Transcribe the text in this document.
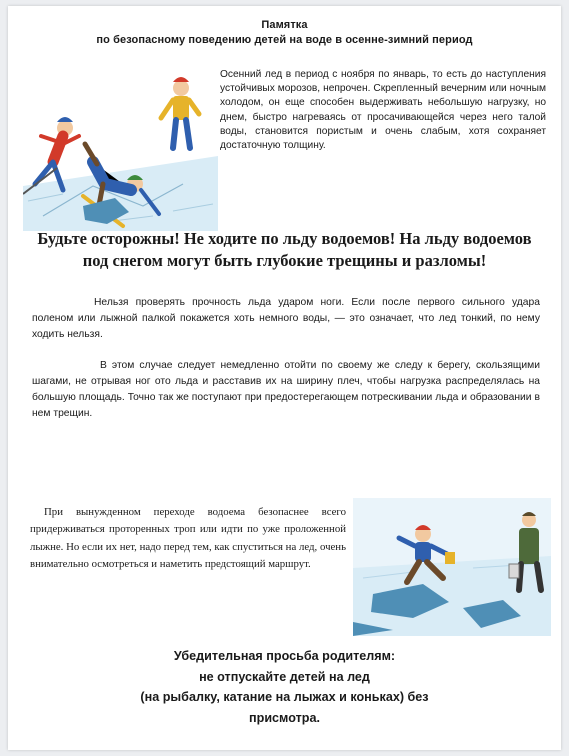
Памятка
по безопасному поведению детей на воде в осенне-зимний период
Осенний лед в период с ноября по январь, то есть до наступления устойчивых морозов, непрочен. Скрепленный вечерним или ночным холодом, он еще способен выдерживать небольшую нагрузку, но днем, быстро нагреваясь от просачивающейся через него талой воды, становится пористым и очень слабым, хотя сохраняет достаточную толщину.
Будьте осторожны! Не ходите по льду водоемов! На льду водоемов под снегом могут быть глубокие трещины и разломы!
Нельзя проверять прочность льда ударом ноги. Если после первого сильного удара поленом или лыжной палкой покажется хоть немного воды, — это означает, что лед тонкий, по нему ходить нельзя.
В этом случае следует немедленно отойти по своему же следу к берегу, скользящими шагами, не отрывая ног ото льда и расставив их на ширину плеч, чтобы нагрузка распределялась на большую площадь. Точно так же поступают при предостерегающем потрескивании льда и образовании в нем трещин.
При вынужденном переходе водоема безопаснее всего придерживаться проторенных троп или идти по уже проложенной лыжне. Но если их нет, надо перед тем, как спуститься на лед, очень внимательно осмотреться и наметить предстоящий маршрут.
Убедительная просьба родителям:
не отпускайте детей на лед
(на рыбалку, катание на лыжах и коньках) без
присмотра.
